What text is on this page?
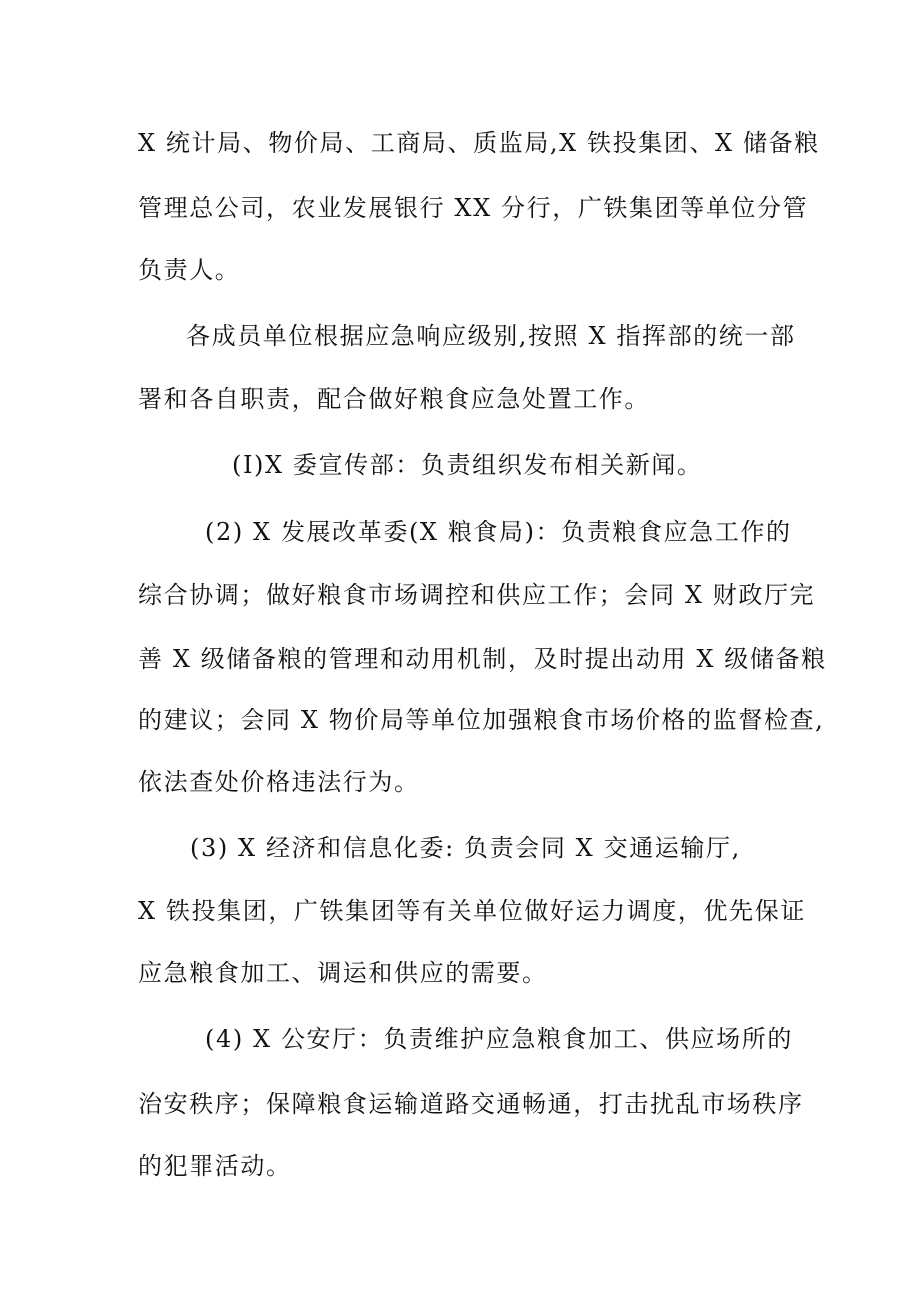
X 统计局、物价局、工商局、质监局,X 铁投集团、X 储备粮
管理总公司，农业发展银行 XX 分行，广铁集团等单位分管
负责人。
各成员单位根据应急响应级别,按照 X 指挥部的统一部
署和各自职责，配合做好粮食应急处置工作。
(I)X 委宣传部：负责组织发布相关新闻。
(2) X 发展改革委(X 粮食局)：负责粮食应急工作的
综合协调；做好粮食市场调控和供应工作；会同 X 财政厅完
善 X 级储备粮的管理和动用机制，及时提出动用 X 级储备粮
的建议；会同 X 物价局等单位加强粮食市场价格的监督检查,
依法查处价格违法行为。
(3) X 经济和信息化委: 负责会同 X 交通运输厅,
X 铁投集团，广铁集团等有关单位做好运力调度，优先保证
应急粮食加工、调运和供应的需要。
(4) X 公安厅：负责维护应急粮食加工、供应场所的
治安秩序；保障粮食运输道路交通畅通，打击扰乱市场秩序
的犯罪活动。
